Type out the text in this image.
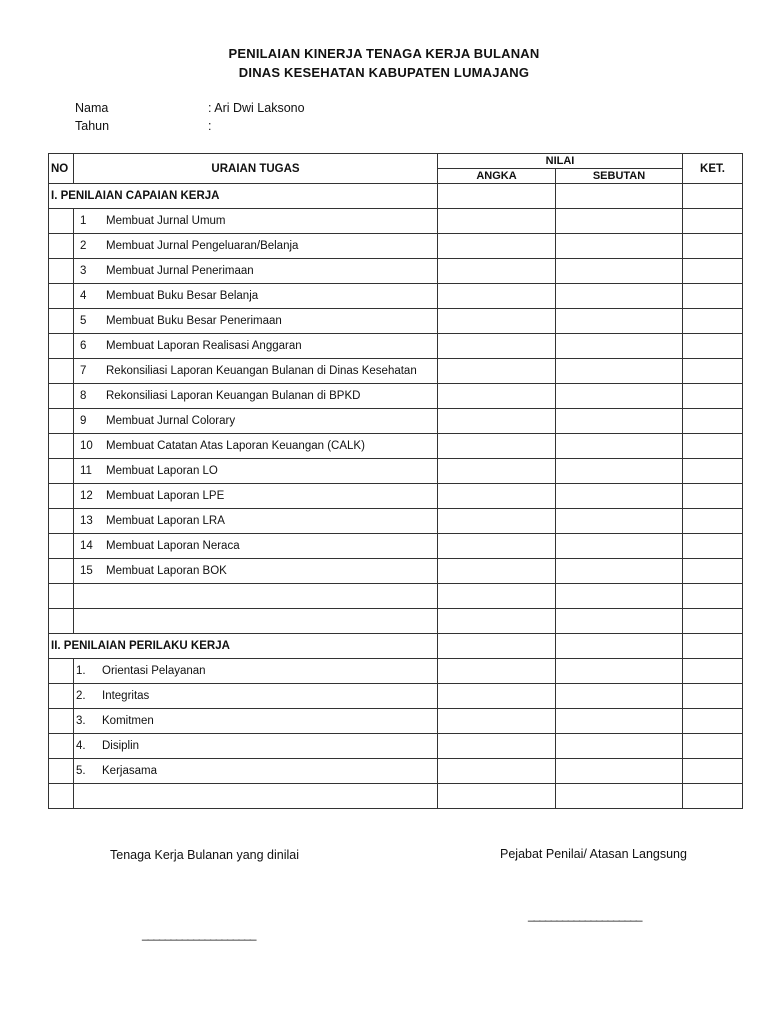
PENILAIAN KINERJA TENAGA KERJA BULANAN
DINAS KESEHATAN KABUPATEN LUMAJANG
Nama	: Ari Dwi Laksono
Tahun	:
NO	URAIAN TUGAS	NILAI		KET.
		ANGKA	SEBUTAN	
I. PENILAIAN CAPAIAN KERJA				
	1 Membuat Jurnal Umum			
	2 Membuat Jurnal Pengeluaran/Belanja			
	3 Membuat Jurnal Penerimaan			
	4 Membuat Buku Besar Belanja			
	5 Membuat Buku Besar Penerimaan			
	6 Membuat Laporan Realisasi Anggaran			
	7 Rekonsiliasi Laporan Keuangan Bulanan di Dinas Kesehatan			
	8 Rekonsiliasi Laporan Keuangan Bulanan di BPKD			
	9 Membuat Jurnal Colorary			
	10 Membuat Catatan Atas Laporan Keuangan (CALK)			
	11 Membuat Laporan LO			
	12 Membuat Laporan LPE			
	13 Membuat Laporan LRA			
	14 Membuat Laporan Neraca			
	15 Membuat Laporan BOK			

II. PENILAIAN PERILAKU KERJA				
	1. Orientasi Pelayanan			
	2. Integritas			
	3. Komitmen			
	4. Disiplin			
	5. Kerjasama			

Tenaga Kerja Bulanan yang dinilai	Pejabat Penilai/ Atasan Langsung
____________________
____________________
